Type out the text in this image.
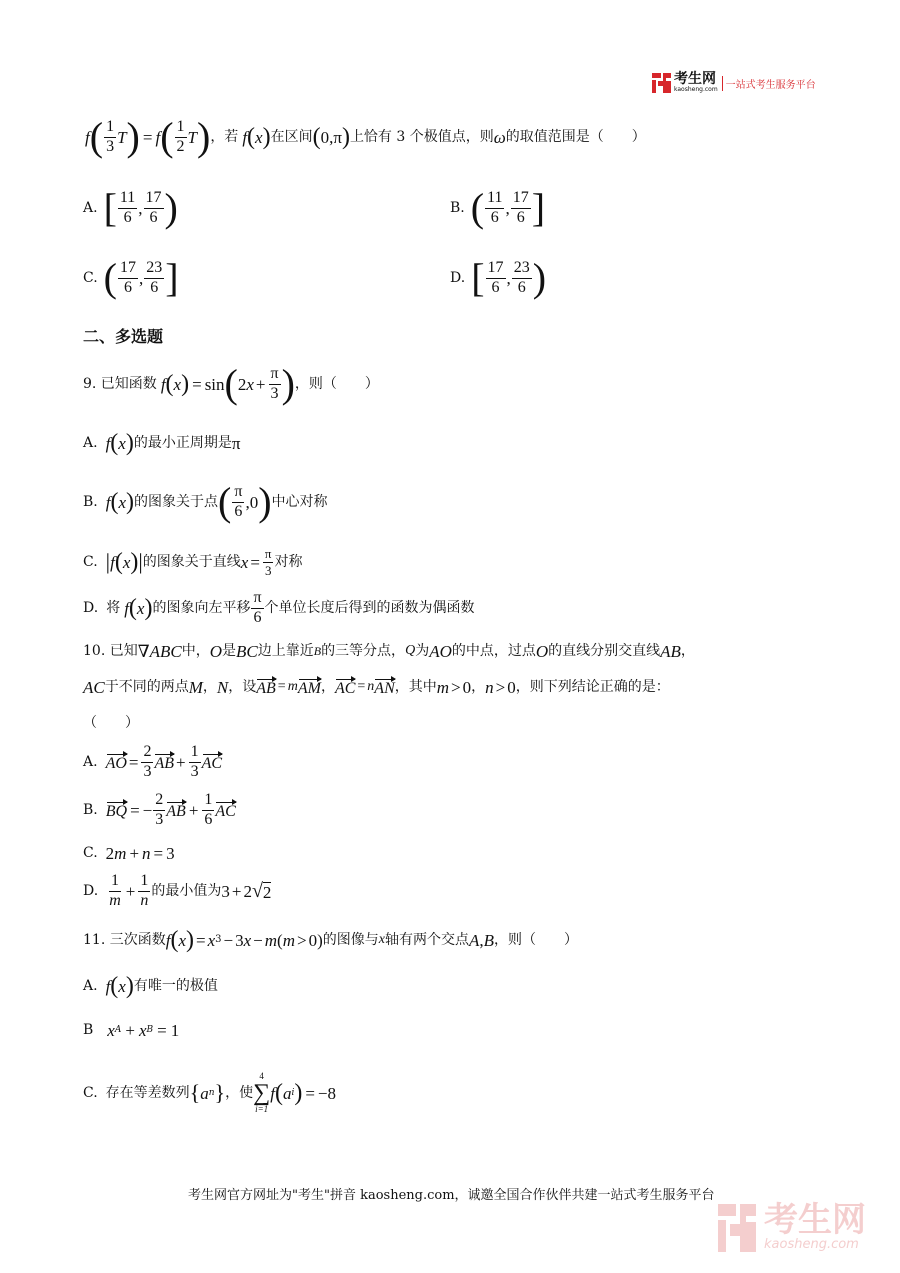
考生网
kaosheng.com 一站式考生服务平台
f ( $\frac{1}{3}$ T ) = f ( $\frac{1}{2}$ T ) ，若 f ( x ) 在区间 ( 0, π ) 上恰有 3 个极值点，则 ω 的取值范围是（　　）
A. [ $\frac{11}{6}$ , $\frac{17}{6}$ )	B. ( $\frac{11}{6}$ , $\frac{17}{6}$ ]
C. ( $\frac{17}{6}$ , $\frac{23}{6}$ ]	D. [ $\frac{17}{6}$ , $\frac{23}{6}$ )
二、多选题
9. 已知函数 f ( x ) = sin ( 2 $x + \frac{\pi}{3}$ ) ，则（　　）
A. f ( x ) 的最小正周期是 π
B. f ( x ) 的图象关于点 ( $\frac{\pi}{6} ,0$ ) 中心对称
C. | f ( x ) | 的图象关于直线 $x = \frac{\pi}{3}$ 对称
D. 将 f ( x ) 的图象向左平移 $\frac{\pi}{6}$ 个单位长度后得到的函数为偶函数
10. 已知 ∇ ABC 中， O 是 BC 边上靠近 B 的三等分点， Q 为 AO 的中点，过点 O 的直线分别交直线 AB ，
AC 于不同的两点 M ， N ，设 AB = m AM ， AC = n AN ，其中 m > 0 ， n > 0 ，则下列结论正确的是：
（　　）
A. AO = $\frac{2}{3}$ AB + $\frac{1}{3}$ AC
B. BQ = − $\frac{2}{3}$ AB + $\frac{1}{6}$ AC
C. 2 m + n = 3
D. $\frac{1}{m} + \frac{1}{n}$ 的最小值为 3 + 2 √ 2
11. 三次函数 f ( x ) = x 3 − 3 x − m ( m > 0) 的图像与 x 轴有两个交点 A , B ，则（　　）
A. f ( x ) 有唯一的极值
B x A + x B = 1
C. 存在等差数列 { a n } ，使
4
∑
i=1
f ( a i ) = −8
考生网官方网址为"考生"拼音 kaosheng.com，诚邀全国合作伙伴共建一站式考生服务平台
考生网
kaosheng.com
